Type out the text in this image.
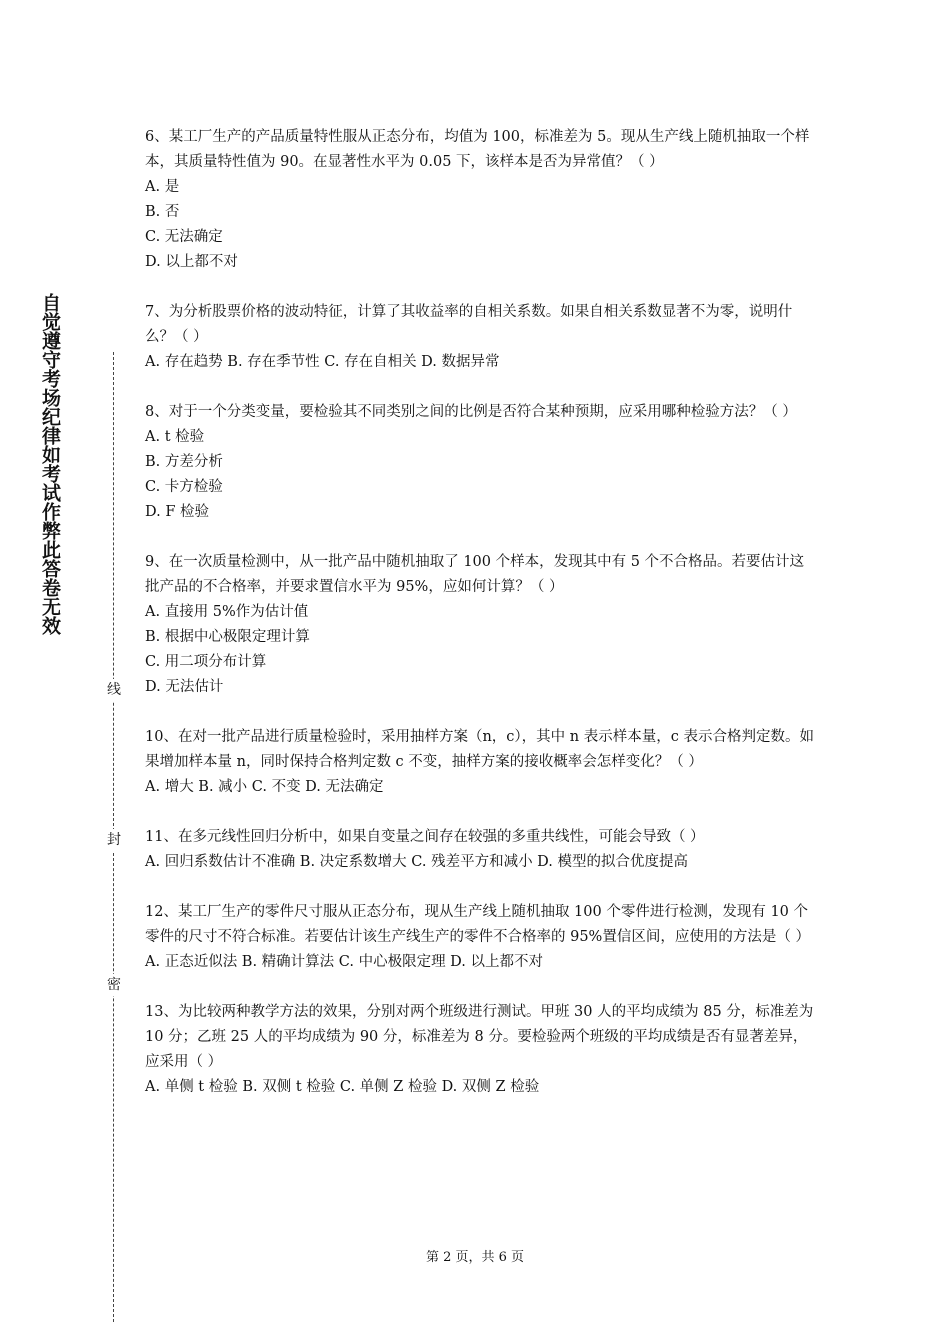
自觉遵守考场纪律如考试作弊此答卷无效
线
封
密

6、某工厂生产的产品质量特性服从正态分布，均值为 100，标准差为 5。现从生产线上随机抽取一个样本，其质量特性值为 90。在显著性水平为 0.05 下，该样本是否为异常值？（ ）

A. 是

B. 否

C. 无法确定

D. 以上都不对

7、为分析股票价格的波动特征，计算了其收益率的自相关系数。如果自相关系数显著不为零，说明什么？（ ）

A. 存在趋势 B. 存在季节性 C. 存在自相关 D. 数据异常

8、对于一个分类变量，要检验其不同类别之间的比例是否符合某种预期，应采用哪种检验方法？（ ）

A. t 检验

B. 方差分析

C. 卡方检验

D. F 检验

9、在一次质量检测中，从一批产品中随机抽取了 100 个样本，发现其中有 5 个不合格品。若要估计这批产品的不合格率，并要求置信水平为 95%，应如何计算？（ ）

A. 直接用 5%作为估计值

B. 根据中心极限定理计算

C. 用二项分布计算

D. 无法估计

10、在对一批产品进行质量检验时，采用抽样方案（n，c），其中 n 表示样本量，c 表示合格判定数。如果增加样本量 n，同时保持合格判定数 c 不变，抽样方案的接收概率会怎样变化？（ ）

A. 增大 B. 减小 C. 不变 D. 无法确定

11、在多元线性回归分析中，如果自变量之间存在较强的多重共线性，可能会导致（ ）

A. 回归系数估计不准确 B. 决定系数增大 C. 残差平方和减小 D. 模型的拟合优度提高

12、某工厂生产的零件尺寸服从正态分布，现从生产线上随机抽取 100 个零件进行检测，发现有 10 个零件的尺寸不符合标准。若要估计该生产线生产的零件不合格率的 95%置信区间，应使用的方法是（ ）

A. 正态近似法 B. 精确计算法 C. 中心极限定理 D. 以上都不对

13、为比较两种教学方法的效果，分别对两个班级进行测试。甲班 30 人的平均成绩为 85 分，标准差为 10 分；乙班 25 人的平均成绩为 90 分，标准差为 8 分。要检验两个班级的平均成绩是否有显著差异，应采用（ ）

A. 单侧 t 检验 B. 双侧 t 检验 C. 单侧 Z 检验 D. 双侧 Z 检验

第 2 页，共 6 页
